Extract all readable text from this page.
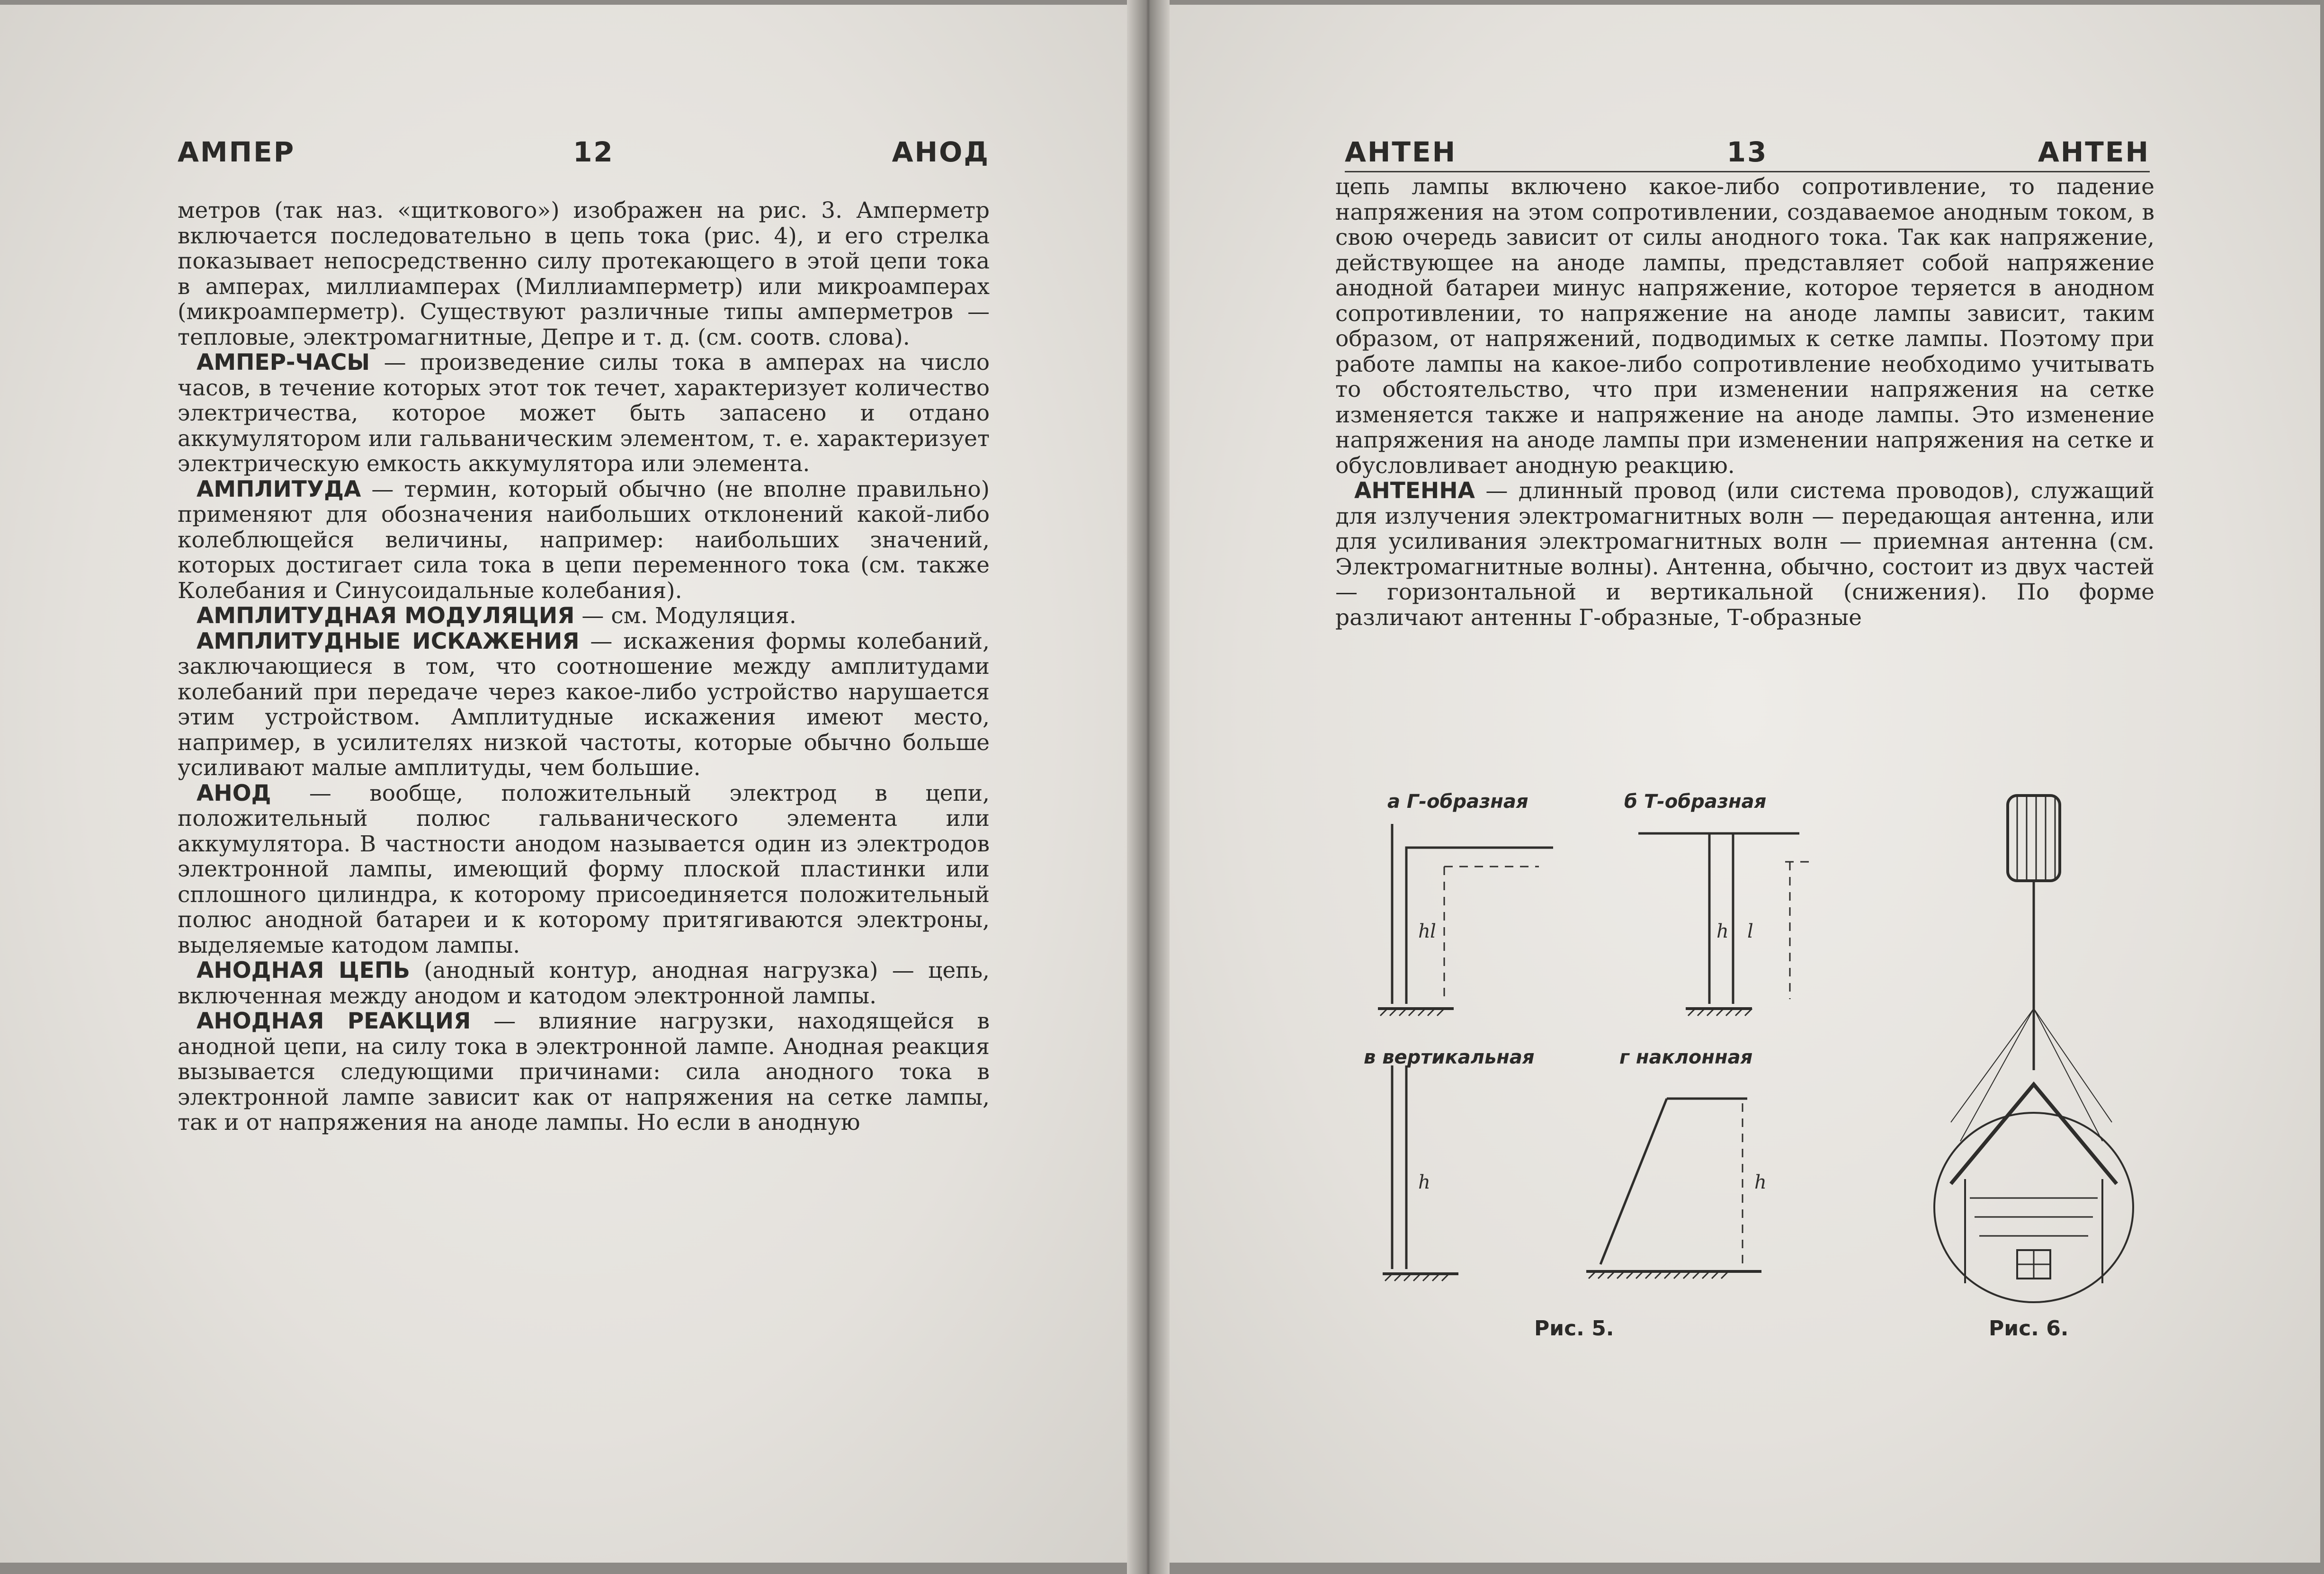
АМПЕР	12	АНОД

метров (так наз. «щиткового») изображен на рис. 3. Амперметр включается последовательно в цепь тока (рис. 4), и его стрелка показывает непосредственно силу протекающего в этой цепи тока в амперах, миллиамперах (Миллиамперметр) или микроамперах (микроамперметр). Существуют различные типы амперметров — тепловые, электромагнитные, Депре и т. д. (см. соотв. слова).

АМПЕР-ЧАСЫ — произведение силы тока в амперах на число часов, в течение которых этот ток течет, характеризует количество электричества, которое может быть запасено и отдано аккумулятором или гальваническим элементом, т. е. характеризует электрическую емкость аккумулятора или элемента.

АМПЛИТУДА — термин, который обычно (не вполне правильно) применяют для обозначения наибольших отклонений какой-либо колеблющейся величины, например: наибольших значений, которых достигает сила тока в цепи переменного тока (см. также Колебания и Синусоидальные колебания).

АМПЛИТУДНАЯ МОДУЛЯЦИЯ — см. Модуляция.

АМПЛИТУДНЫЕ ИСКАЖЕНИЯ — искажения формы колебаний, заключающиеся в том, что соотношение между амплитудами колебаний при передаче через какое-либо устройство нарушается этим устройством. Амплитудные искажения имеют место, например, в усилителях низкой частоты, которые обычно больше усиливают малые амплитуды, чем большие.

АНОД — вообще, положительный электрод в цепи, положительный полюс гальванического элемента или аккумулятора. В частности анодом называется один из электродов электронной лампы, имеющий форму плоской пластинки или сплошного цилиндра, к которому присоединяется положительный полюс анодной батареи и к которому притягиваются электроны, выделяемые катодом лампы.

АНОДНАЯ ЦЕПЬ (анодный контур, анодная нагрузка) — цепь, включенная между анодом и катодом электронной лампы.

АНОДНАЯ РЕАКЦИЯ — влияние нагрузки, находящейся в анодной цепи, на силу тока в электронной лампе. Анодная реакция вызывается следующими причинами: сила анодного тока в электронной лампе зависит как от напряжения на сетке лампы, так и от напряжения на аноде лампы. Но если в анодную

АНТЕН	13	АНТЕН

цепь лампы включено какое-либо сопротивление, то падение напряжения на этом сопротивлении, создаваемое анодным током, в свою очередь зависит от силы анодного тока. Так как напряжение, действующее на аноде лампы, представляет собой напряжение анодной батареи минус напряжение, которое теряется в анодном сопротивлении, то напряжение на аноде лампы зависит, таким образом, от напряжений, подводимых к сетке лампы. Поэтому при работе лампы на какое-либо сопротивление необходимо учитывать то обстоятельство, что при изменении напряжения на сетке изменяется также и напряжение на аноде лампы. Это изменение напряжения на аноде лампы при изменении напряжения на сетке и обусловливает анодную реакцию.

АНТЕННА — длинный провод (или система проводов), служащий для излучения электромагнитных волн — передающая антенна, или для усиливания электромагнитных волн — приемная антенна (см. Электромагнитные волны). Антенна, обычно, состоит из двух частей — горизонтальной и вертикальной (снижения). По форме различают антенны Г-образные, Т-образные

h l	h l
h	h
а Г-образная	б Т-образная
в вертикальная	г наклонная
Рис. 5.	Рис. 6.
